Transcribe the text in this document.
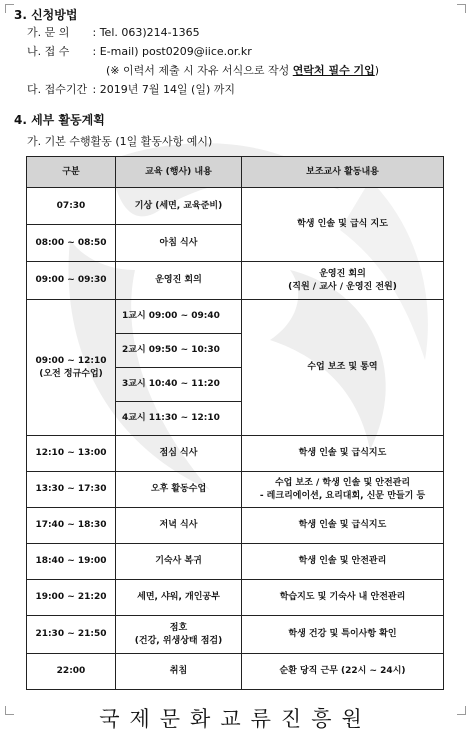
3. 신청방법
가. 문 의 : Tel. 063)214-1365
나. 접 수 : E-mail) post0209@iice.or.kr
(※ 이력서 제출 시 자유 서식으로 작성 연락처 필수 기입)
다. 접수기간 : 2019년 7월 14일 (일) 까지
4. 세부 활동계획
가. 기본 수행활동 (1일 활동사항 예시)
구분	교육 (행사) 내용	보조교사 활동내용
07:30	기상 (세면, 교육준비)	학생 인솔 및 급식 지도
08:00 ~ 08:50	아침 식사	
09:00 ~ 09:30	운영진 회의	운영진 회의
(직원 / 교사 / 운영진 전원)

09:00 ~ 12:10
(오전 정규수업)	1교시 09:00 ~ 09:40	수업 보조 및 통역
	2교시 09:50 ~ 10:30	
	3교시 10:40 ~ 11:20	
	4교시 11:30 ~ 12:10	
12:10 ~ 13:00	점심 식사	학생 인솔 및 급식지도
13:30 ~ 17:30	오후 활동수업	수업 보조 / 학생 인솔 및 안전관리
- 레크리에이션, 요리대회, 신문 만들기 등

17:40 ~ 18:30	저녁 식사	학생 인솔 및 급식지도
18:40 ~ 19:00	기숙사 복귀	학생 인솔 및 안전관리
19:00 ~ 21:20	세면, 샤워, 개인공부	학습지도 및 기숙사 내 안전관리
21:30 ~ 21:50	점호
(건강, 위생상태 점검)	학생 건강 및 특이사항 확인
22:00	취침	순환 당직 근무 (22시 ~ 24시)
국제문화교류진흥원
